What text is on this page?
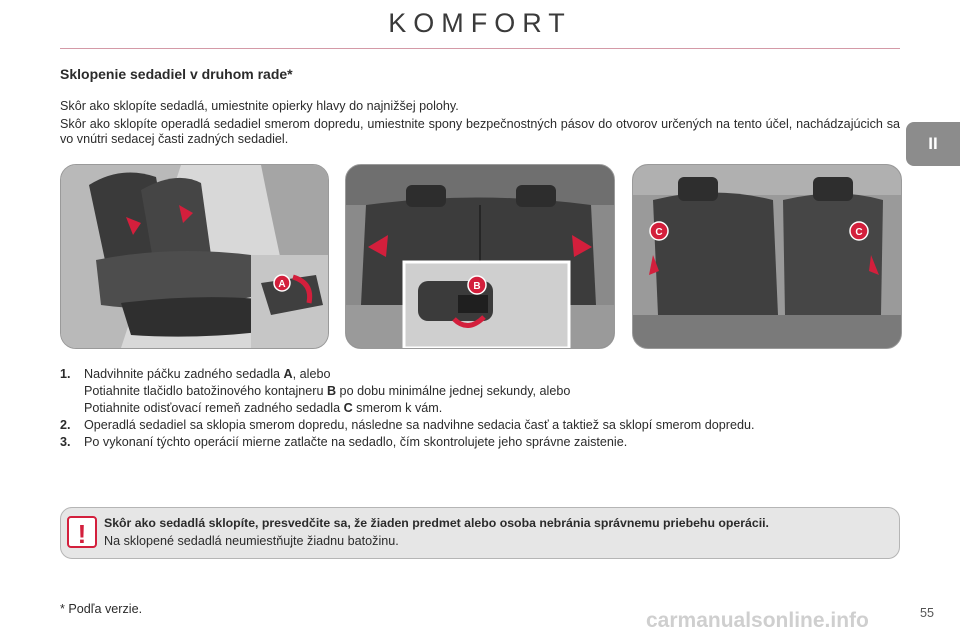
KOMFORT
II
Sklopenie sedadiel v druhom rade*

Skôr ako sklopíte sedadlá, umiestnite opierky hlavy do najnižšej polohy.

Skôr ako sklopíte operadlá sedadiel smerom dopredu, umiestnite spony bezpečnostných pásov do otvorov určených na tento účel, nachádzajúcich sa vo vnútri sedacej časti zadných sedadiel.

A	B
C	C
1. Nadvihnite páčku zadného sedadla A, alebo
Potiahnite tlačidlo batožinového kontajneru B po dobu minimálne jednej sekundy, alebo
Potiahnite odisťovací remeň zadného sedadla C smerom k vám.
2. Operadlá sedadiel sa sklopia smerom dopredu, následne sa nadvihne sedacia časť a taktiež sa sklopí smerom dopredu.
3. Po vykonaní týchto operácií mierne zatlačte na sedadlo, čím skontrolujete jeho správne zaistenie.
!	Skôr ako sedadlá sklopíte, presvedčite sa, že žiaden predmet alebo osoba nebránia správnemu priebehu operácii.
Na sklopené sedadlá neumiestňujte žiadnu batožinu.
* Podľa verzie.	carmanualsonline.info	55
